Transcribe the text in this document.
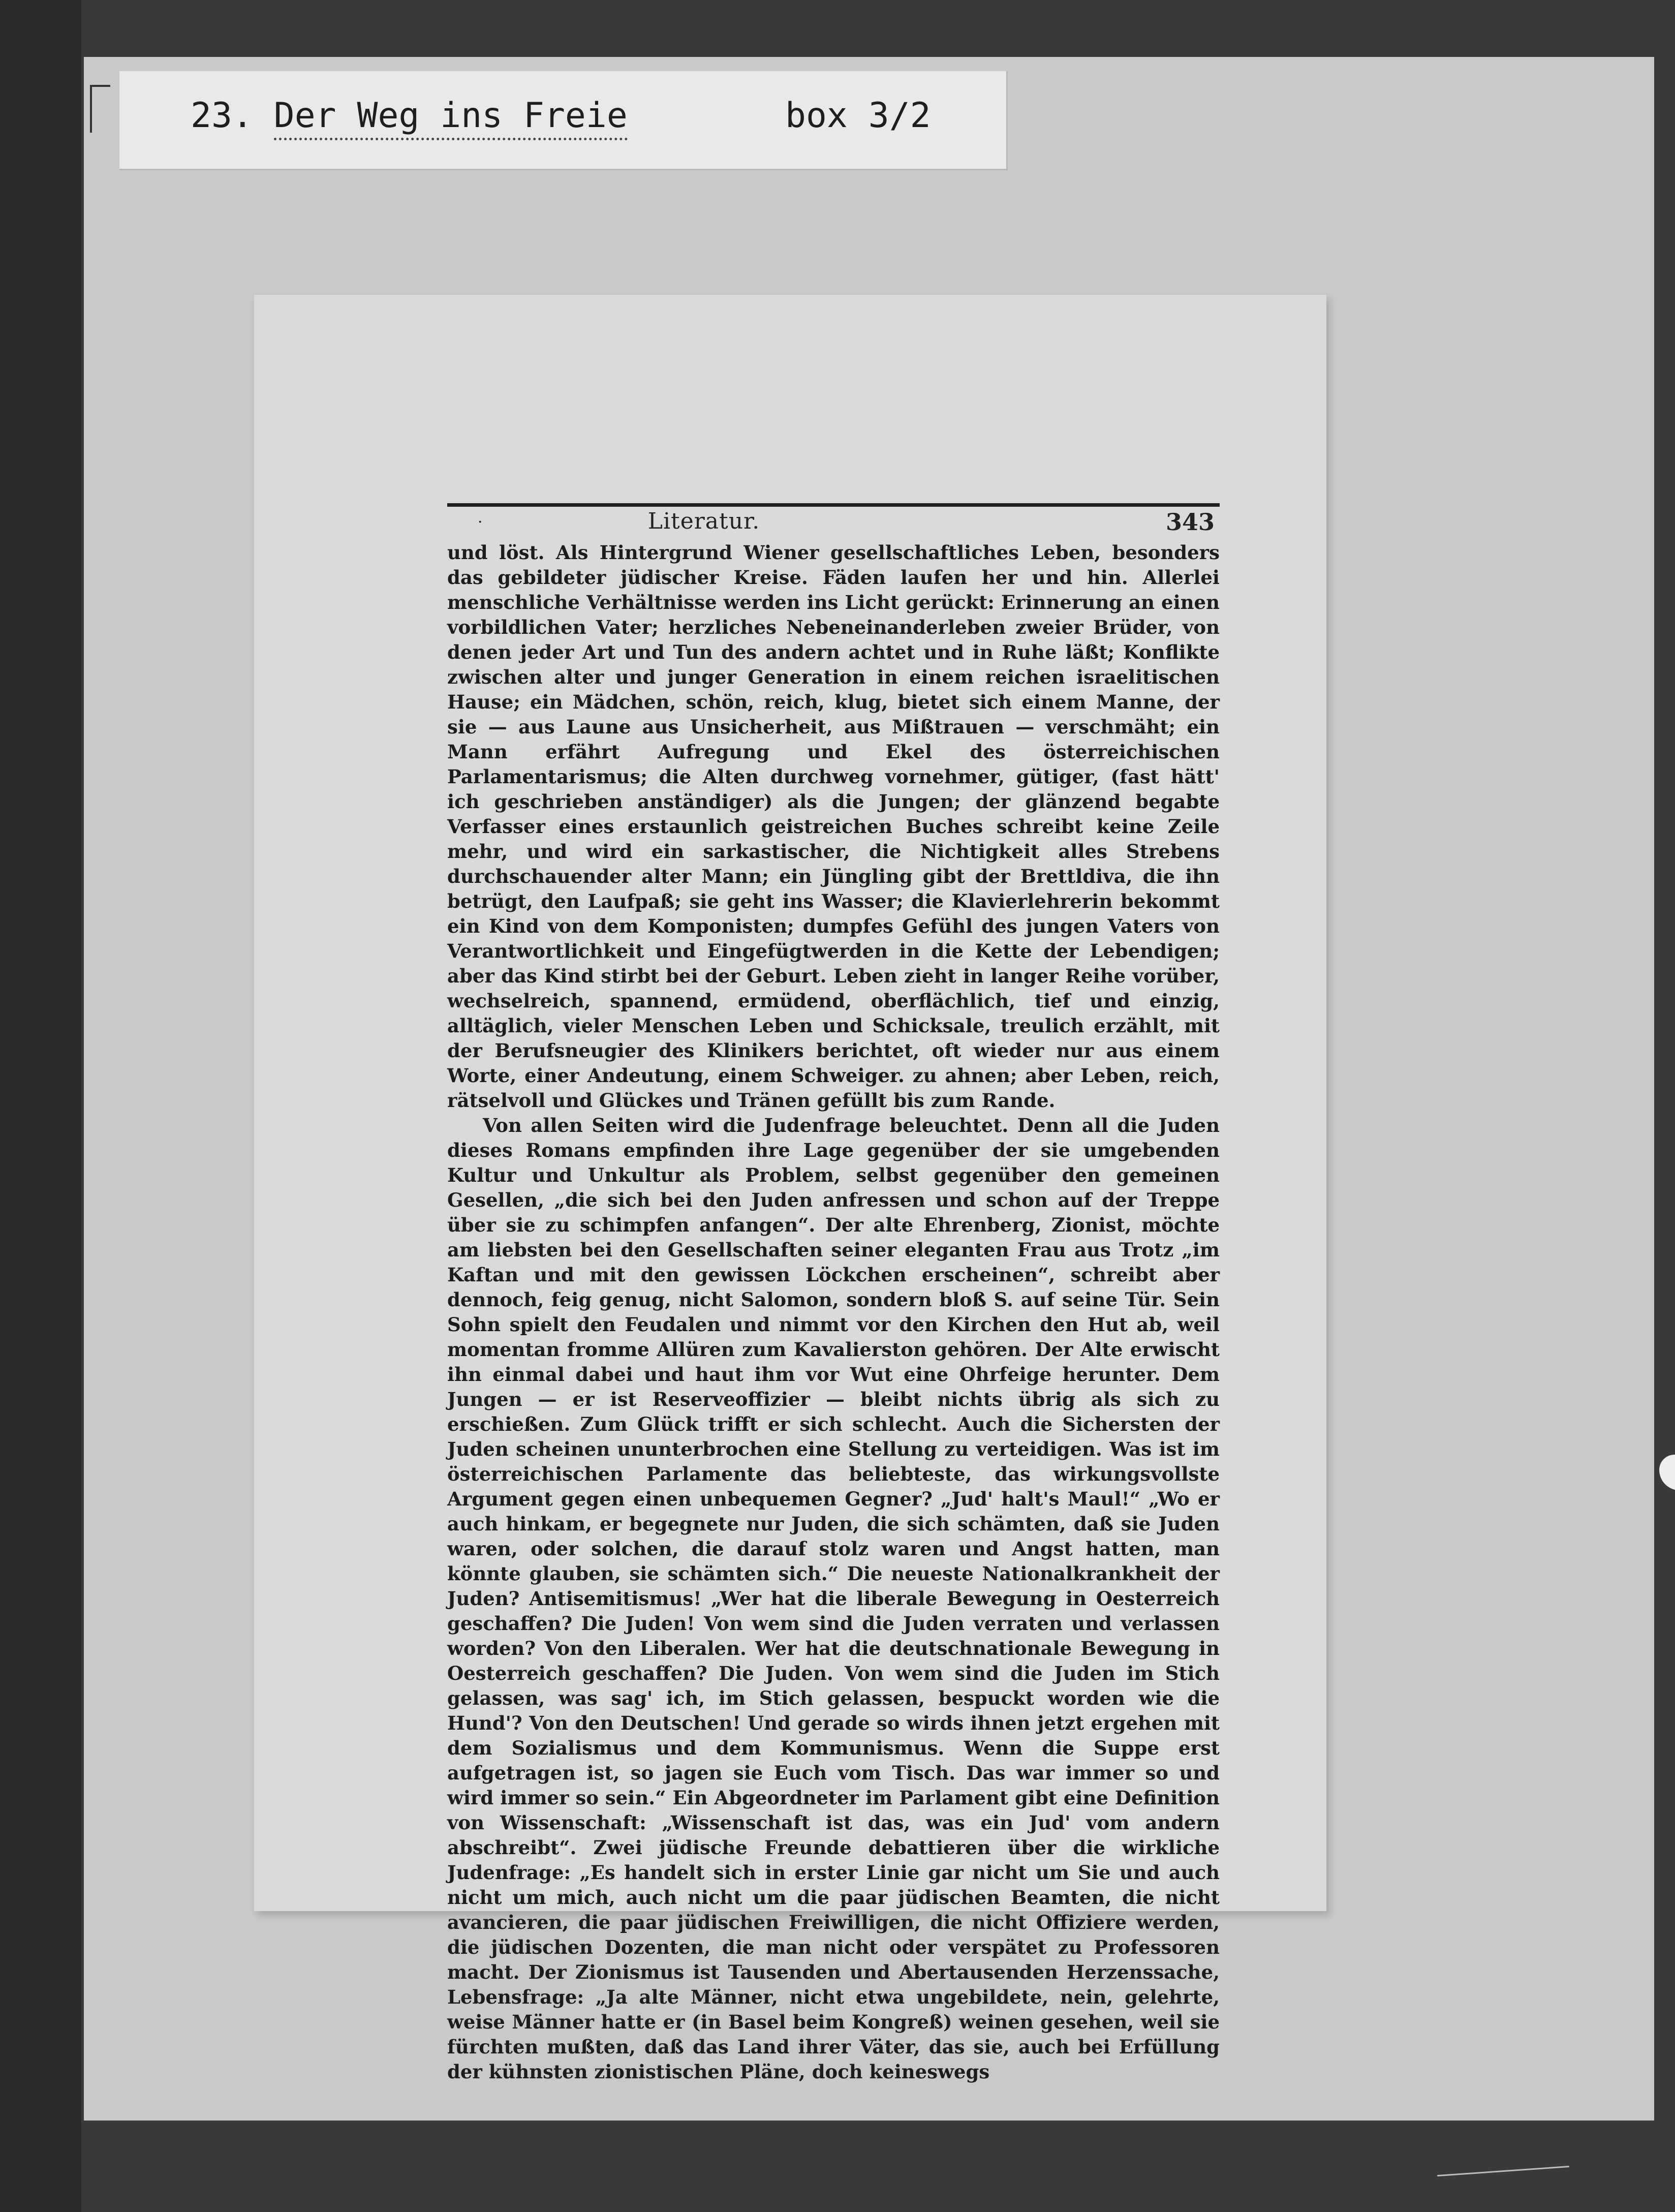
23. Der Weg ins Freie	box 3/2
·	Literatur.	343

und löst. Als Hintergrund Wiener gesellschaftliches Leben, besonders das gebildeter jüdischer Kreise. Fäden laufen her und hin. Allerlei menschliche Verhältnisse werden ins Licht gerückt: Erinnerung an einen vorbildlichen Vater; herzliches Nebeneinanderleben zweier Brüder, von denen jeder Art und Tun des andern achtet und in Ruhe läßt; Konflikte zwischen alter und junger Generation in einem reichen israelitischen Hause; ein Mädchen, schön, reich, klug, bietet sich einem Manne, der sie — aus Laune aus Unsicherheit, aus Mißtrauen — verschmäht; ein Mann erfährt Aufregung und Ekel des österreichischen Parlamentarismus; die Alten durchweg vornehmer, gütiger, (fast hätt' ich geschrieben anständiger) als die Jungen; der glänzend begabte Verfasser eines erstaunlich geistreichen Buches schreibt keine Zeile mehr, und wird ein sarkastischer, die Nichtigkeit alles Strebens durchschauender alter Mann; ein Jüngling gibt der Brettldiva, die ihn betrügt, den Laufpaß; sie geht ins Wasser; die Klavierlehrerin bekommt ein Kind von dem Komponisten; dumpfes Gefühl des jungen Vaters von Verantwortlichkeit und Eingefügtwerden in die Kette der Lebendigen; aber das Kind stirbt bei der Geburt. Leben zieht in langer Reihe vorüber, wechselreich, spannend, ermüdend, oberflächlich, tief und einzig, alltäglich, vieler Menschen Leben und Schicksale, treulich erzählt, mit der Berufsneugier des Klinikers berichtet, oft wieder nur aus einem Worte, einer Andeutung, einem Schweiger. zu ahnen; aber Leben, reich, rätselvoll und Glückes und Tränen gefüllt bis zum Rande.

Von allen Seiten wird die Judenfrage beleuchtet. Denn all die Juden dieses Romans empfinden ihre Lage gegenüber der sie umgebenden Kultur und Unkultur als Problem, selbst gegenüber den gemeinen Gesellen, „die sich bei den Juden anfressen und schon auf der Treppe über sie zu schimpfen anfangen“. Der alte Ehrenberg, Zionist, möchte am liebsten bei den Gesellschaften seiner eleganten Frau aus Trotz „im Kaftan und mit den gewissen Löckchen erscheinen“, schreibt aber dennoch, feig genug, nicht Salomon, sondern bloß S. auf seine Tür. Sein Sohn spielt den Feudalen und nimmt vor den Kirchen den Hut ab, weil momentan fromme Allüren zum Kavalierston gehören. Der Alte erwischt ihn einmal dabei und haut ihm vor Wut eine Ohrfeige herunter. Dem Jungen — er ist Reserveoffizier — bleibt nichts übrig als sich zu erschießen. Zum Glück trifft er sich schlecht. Auch die Sichersten der Juden scheinen ununterbrochen eine Stellung zu verteidigen. Was ist im österreichischen Parlamente das beliebteste, das wirkungsvollste Argument gegen einen unbequemen Gegner? „Jud' halt's Maul!“ „Wo er auch hinkam, er begegnete nur Juden, die sich schämten, daß sie Juden waren, oder solchen, die darauf stolz waren und Angst hatten, man könnte glauben, sie schämten sich.“ Die neueste Nationalkrankheit der Juden? Antisemitismus! „Wer hat die liberale Bewegung in Oesterreich geschaffen? Die Juden! Von wem sind die Juden verraten und verlassen worden? Von den Liberalen. Wer hat die deutschnationale Bewegung in Oesterreich geschaffen? Die Juden. Von wem sind die Juden im Stich gelassen, was sag' ich, im Stich gelassen, bespuckt worden wie die Hund'? Von den Deutschen! Und gerade so wirds ihnen jetzt ergehen mit dem Sozialismus und dem Kommunismus. Wenn die Suppe erst aufgetragen ist, so jagen sie Euch vom Tisch. Das war immer so und wird immer so sein.“ Ein Abgeordneter im Parlament gibt eine Definition von Wissenschaft: „Wissenschaft ist das, was ein Jud' vom andern abschreibt“. Zwei jüdische Freunde debattieren über die wirkliche Judenfrage: „Es handelt sich in erster Linie gar nicht um Sie und auch nicht um mich, auch nicht um die paar jüdischen Beamten, die nicht avancieren, die paar jüdischen Freiwilligen, die nicht Offiziere werden, die jüdischen Dozenten, die man nicht oder verspätet zu Professoren macht. Der Zionismus ist Tausenden und Abertausenden Herzenssache, Lebensfrage: „Ja alte Männer, nicht etwa ungebildete, nein, gelehrte, weise Männer hatte er (in Basel beim Kongreß) weinen gesehen, weil sie fürchten mußten, daß das Land ihrer Väter, das sie, auch bei Erfüllung der kühnsten zionistischen Pläne, doch keineswegs
